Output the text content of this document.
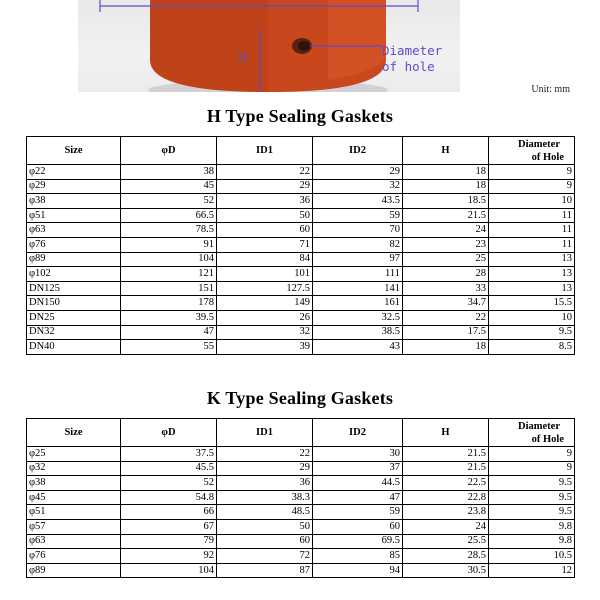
H	Diameter
of hole
Unit: mm
H Type Sealing Gaskets
Size	φD	ID1	ID2	H	Diameter
of Hole

φ22	38	22	29	18	9
φ29	45	29	32	18	9
φ38	52	36	43.5	18.5	10
φ51	66.5	50	59	21.5	11
φ63	78.5	60	70	24	11
φ76	91	71	82	23	11
φ89	104	84	97	25	13
φ102	121	101	111	28	13
DN125	151	127.5	141	33	13
DN150	178	149	161	34.7	15.5
DN25	39.5	26	32.5	22	10
DN32	47	32	38.5	17.5	9.5
DN40	55	39	43	18	8.5
K Type Sealing Gaskets
Size	φD	ID1	ID2	H	Diameter
of Hole

φ25	37.5	22	30	21.5	9
φ32	45.5	29	37	21.5	9
φ38	52	36	44.5	22.5	9.5
φ45	54.8	38.3	47	22.8	9.5
φ51	66	48.5	59	23.8	9.5
φ57	67	50	60	24	9.8
φ63	79	60	69.5	25.5	9.8
φ76	92	72	85	28.5	10.5
φ89	104	87	94	30.5	12
